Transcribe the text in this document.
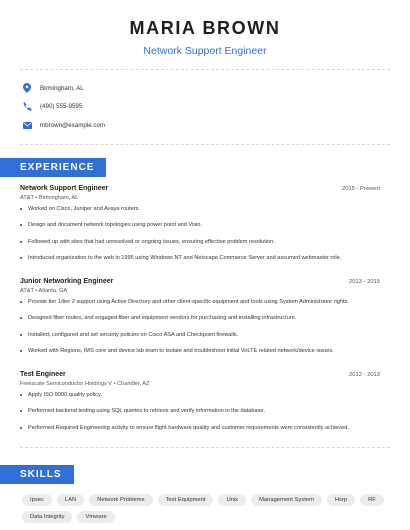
MARIA BROWN
Network Support Engineer
Birmingham, AL
(490) 555-9595
mbrown@example.com
EXPERIENCE
Network Support Engineer	2015 - Present
AT&T • Birmingham, AL
Worked on Cisco, Juniper and Avaya routers.
Design and document network topologies using power point and Visio.
Followed up with sites that had unresolved or ongoing issues, ensuring effective problem resolution.
Introduced organization to the web in 1995 using Windows NT and Netscape Commerce Server and assumed webmaster role.
Junior Networking Engineer	2013 - 2015
AT&T • Atlanta, GA
Provide tier 1/tier 2 support using Active Directory and other client-specific equipment and tools using System Administrator rights.
Designed fiber routes, and engaged fiber and equipment vendors for purchasing and installing infrastructure.
Installed, configured and set security policies on Cisco ASA and Checkpoint firewalls.
Worked with Regions, IMS core and device lab team to isolate and troubleshoot initial VoLTE related network/device issues.
Test Engineer	2012 - 2013
Freescale Semiconductor Holdings V • Chandler, AZ
Apply ISO 9000 quality policy.
Performed backend testing using SQL queries to retrieve and verify information in the database.
Performed Required Engineering activity to ensure flight hardware quality and customer requirements were consistently achieved.
SKILLS
Ipsec	LAN	Network Problems	Test Equipment	Unix	Management System	Hsrp	RF
Data Integrity	Vmware
